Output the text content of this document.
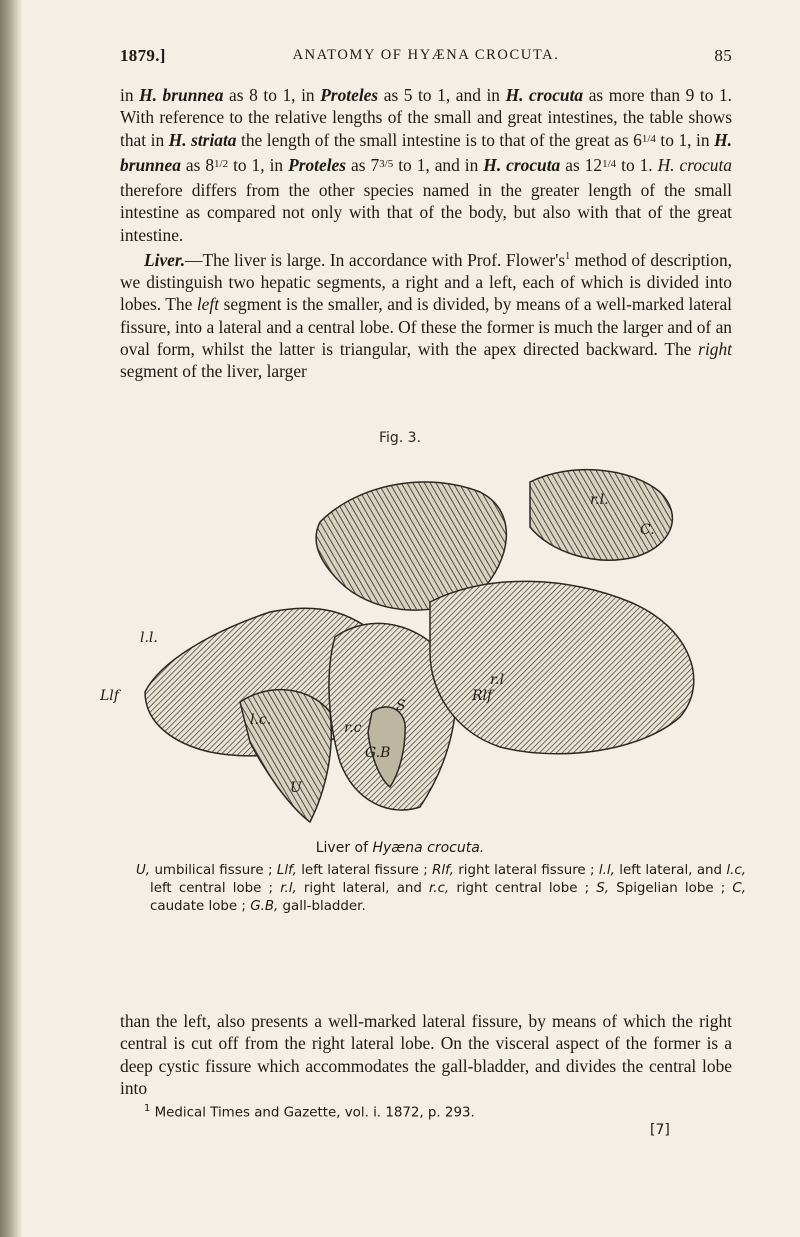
1879.]	ANATOMY OF HYÆNA CROCUTA.	85

in H. brunnea as 8 to 1, in Proteles as 5 to 1, and in H. crocuta as more than 9 to 1. With reference to the relative lengths of the small and great intestines, the table shows that in H. striata the length of the small intestine is to that of the great as $6^{1/4}$ to 1, in H. brunnea as $8^{1/2}$ to 1, in Proteles as $7^{3/5}$ to 1, and in H. crocuta as $12^{1/4}$ to 1. H. crocuta therefore differs from the other species named in the greater length of the small intestine as compared not only with that of the body, but also with that of the great intestine.
Liver.—The liver is large. In accordance with Prof. $Flower's^1$ method of description, we distinguish two hepatic segments, a right and a left, each of which is divided into lobes. The left segment is the smaller, and is divided, by means of a well-marked lateral fissure, into a lateral and a central lobe. Of these the former is much the larger and of an oval form, whilst the latter is triangular, with the apex directed backward. The right segment of the liver, larger

Fig. 3.
r.l.
C.
l.l.
r.l
Llf
l.c.	r.c
S
G.B
Rlf
U
Liver of Hyæna crocuta.
U, umbilical fissure ; Llf, left lateral fissure ; Rlf, right lateral fissure ; l.l, left lateral, and l.c, left central lobe ; r.l, right lateral, and r.c, right central lobe ; S, Spigelian lobe ; C, caudate lobe ; G.B, gall-bladder.

than the left, also presents a well-marked lateral fissure, by means of which the right central is cut off from the right lateral lobe. On the visceral aspect of the former is a deep cystic fissure which accommodates the gall-bladder, and divides the central lobe into

$^1$ Medical Times and Gazette, vol. i. 1872, p. 293.
[7]
